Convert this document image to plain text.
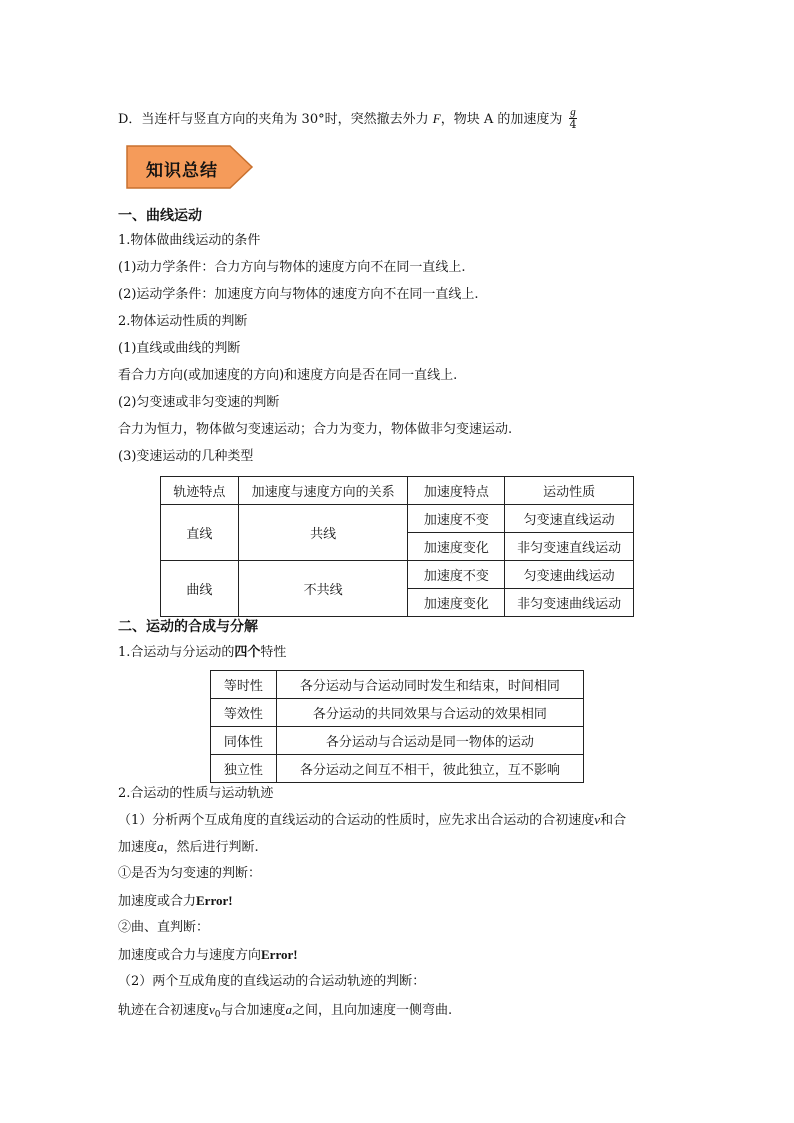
D．当连杆与竖直方向的夹角为 30°时，突然撤去外力 F，物块 A 的加速度为 $\frac{g}{4}$
知识总结
一、曲线运动
1.物体做曲线运动的条件
(1)动力学条件：合力方向与物体的速度方向不在同一直线上.
(2)运动学条件：加速度方向与物体的速度方向不在同一直线上.
2.物体运动性质的判断
(1)直线或曲线的判断
看合力方向(或加速度的方向)和速度方向是否在同一直线上.
(2)匀变速或非匀变速的判断
合力为恒力，物体做匀变速运动；合力为变力，物体做非匀变速运动.
(3)变速运动的几种类型
轨迹特点	加速度与速度方向的关系	加速度特点	运动性质
直线	共线	加速度不变	匀变速直线运动
		加速度变化	非匀变速直线运动
曲线	不共线	加速度不变	匀变速曲线运动
		加速度变化	非匀变速曲线运动
二、运动的合成与分解
1.合运动与分运动的四个特性
等时性	各分运动与合运动同时发生和结束，时间相同
等效性	各分运动的共同效果与合运动的效果相同
同体性	各分运动与合运动是同一物体的运动
独立性	各分运动之间互不相干，彼此独立，互不影响
2.合运动的性质与运动轨迹
（1）分析两个互成角度的直线运动的合运动的性质时，应先求出合运动的合初速度v和合
加速度a，然后进行判断.
①是否为匀变速的判断：
加速度或合力Error!
②曲、直判断：
加速度或合力与速度方向Error!
（2）两个互成角度的直线运动的合运动轨迹的判断：
轨迹在合初速度$v_0$与合加速度a之间，且向加速度一侧弯曲.
